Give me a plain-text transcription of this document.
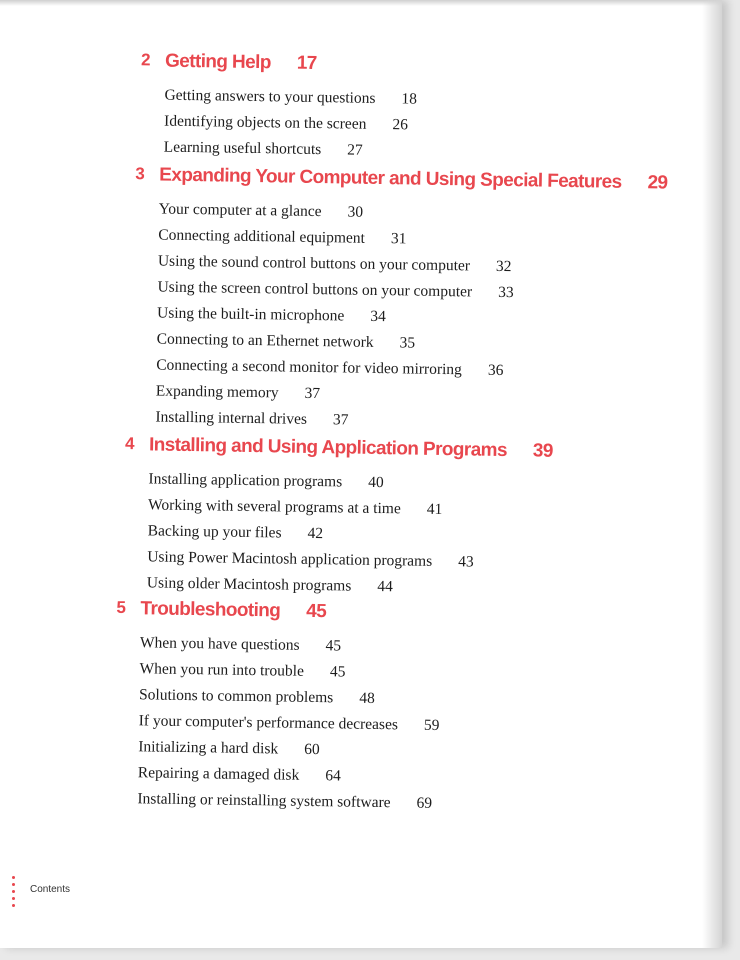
2 Getting Help 17
Getting answers to your questions 18
Identifying objects on the screen 26
Learning useful shortcuts 27
3 Expanding Your Computer and Using Special Features 29
Your computer at a glance 30
Connecting additional equipment 31
Using the sound control buttons on your computer 32
Using the screen control buttons on your computer 33
Using the built-in microphone 34
Connecting to an Ethernet network 35
Connecting a second monitor for video mirroring 36
Expanding memory 37
Installing internal drives 37
4 Installing and Using Application Programs 39
Installing application programs 40
Working with several programs at a time 41
Backing up your files 42
Using Power Macintosh application programs 43
Using older Macintosh programs 44
5 Troubleshooting 45
When you have questions 45
When you run into trouble 45
Solutions to common problems 48
If your computer's performance decreases 59
Initializing a hard disk 60
Repairing a damaged disk 64
Installing or reinstalling system software 69
Contents
